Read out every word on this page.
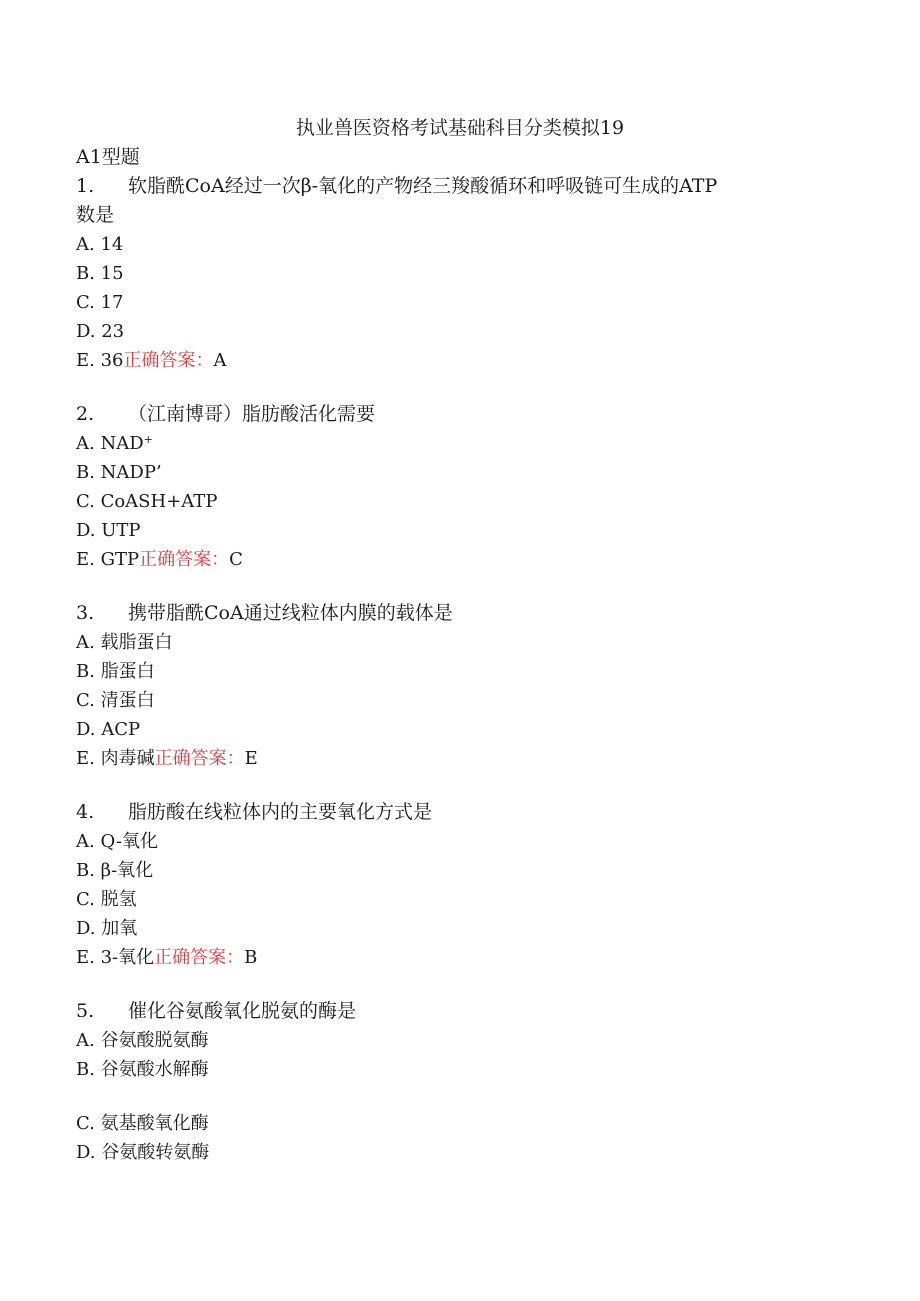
执业兽医资格考试基础科目分类模拟19
A1型题
1. 软脂酰CoA经过一次β-氧化的产物经三羧酸循环和呼吸链可生成的ATP
数是
A. 14
B. 15
C. 17
D. 23
E. 36正确答案：A
2. （江南博哥）脂肪酸活化需要
A. NAD+
B. NADP’
C. CoASH+ATP
D. UTP
E. GTP正确答案：C
3. 携带脂酰CoA通过线粒体内膜的载体是
A. 载脂蛋白
B. 脂蛋白
C. 清蛋白
D. ACP
E. 肉毒碱正确答案：E
4. 脂肪酸在线粒体内的主要氧化方式是
A. Q-氧化
B. β-氧化
C. 脱氢
D. 加氧
E. 3-氧化正确答案：B
5. 催化谷氨酸氧化脱氨的酶是
A. 谷氨酸脱氨酶
B. 谷氨酸水解酶
C. 氨基酸氧化酶
D. 谷氨酸转氨酶
